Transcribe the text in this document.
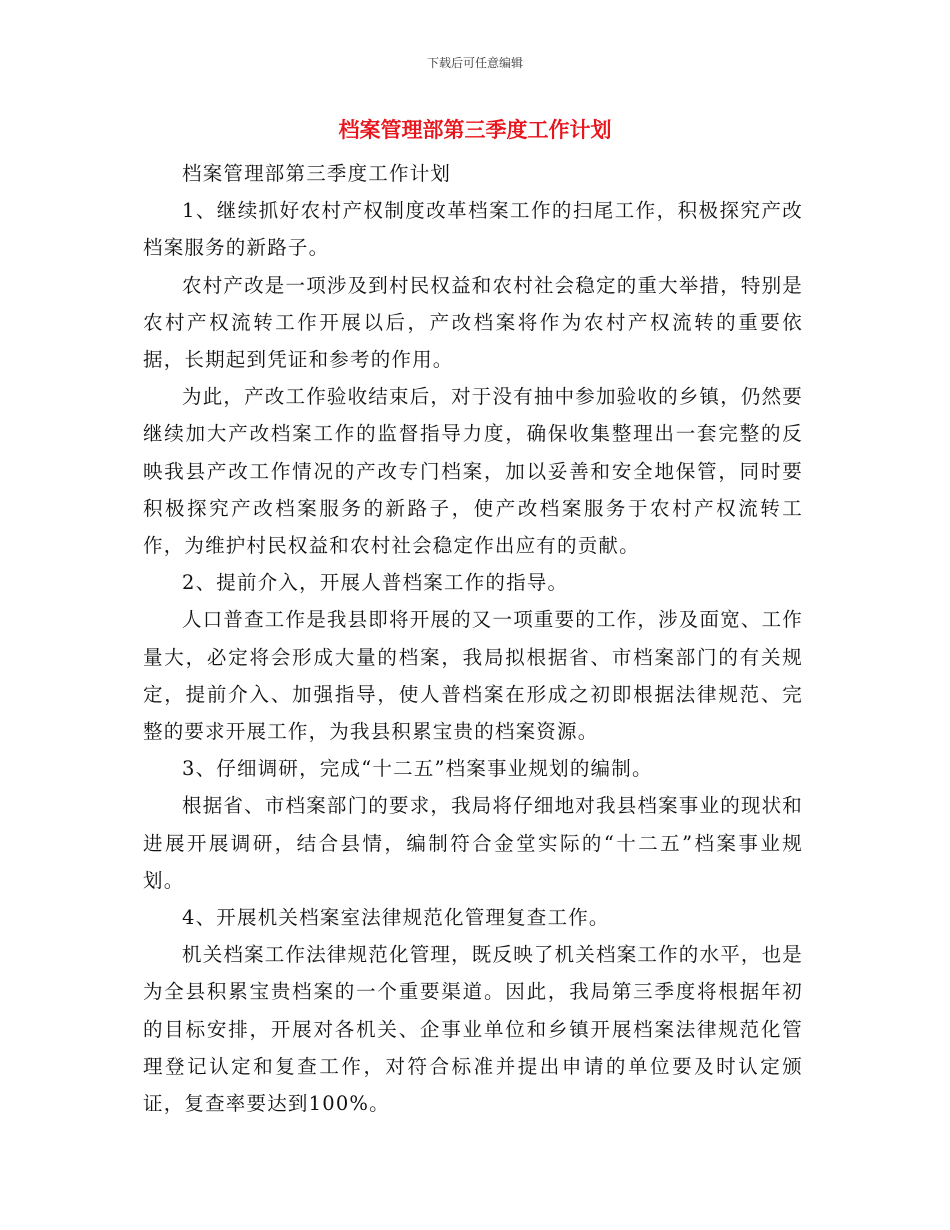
下载后可任意编辑
档案管理部第三季度工作计划

档案管理部第三季度工作计划

1、继续抓好农村产权制度改革档案工作的扫尾工作，积极探究产改档案服务的新路子。

农村产改是一项涉及到村民权益和农村社会稳定的重大举措，特别是农村产权流转工作开展以后，产改档案将作为农村产权流转的重要依据，长期起到凭证和参考的作用。

为此，产改工作验收结束后，对于没有抽中参加验收的乡镇，仍然要继续加大产改档案工作的监督指导力度，确保收集整理出一套完整的反映我县产改工作情况的产改专门档案，加以妥善和安全地保管，同时要积极探究产改档案服务的新路子，使产改档案服务于农村产权流转工作，为维护村民权益和农村社会稳定作出应有的贡献。

2、提前介入，开展人普档案工作的指导。

人口普查工作是我县即将开展的又一项重要的工作，涉及面宽、工作量大，必定将会形成大量的档案，我局拟根据省、市档案部门的有关规定，提前介入、加强指导，使人普档案在形成之初即根据法律规范、完整的要求开展工作，为我县积累宝贵的档案资源。

3、仔细调研，完成“十二五”档案事业规划的编制。

根据省、市档案部门的要求，我局将仔细地对我县档案事业的现状和进展开展调研，结合县情，编制符合金堂实际的“十二五”档案事业规划。

4、开展机关档案室法律规范化管理复查工作。

机关档案工作法律规范化管理，既反映了机关档案工作的水平，也是为全县积累宝贵档案的一个重要渠道。因此，我局第三季度将根据年初的目标安排，开展对各机关、企事业单位和乡镇开展档案法律规范化管理登记认定和复查工作，对符合标准并提出申请的单位要及时认定颁证，复查率要达到100%。
